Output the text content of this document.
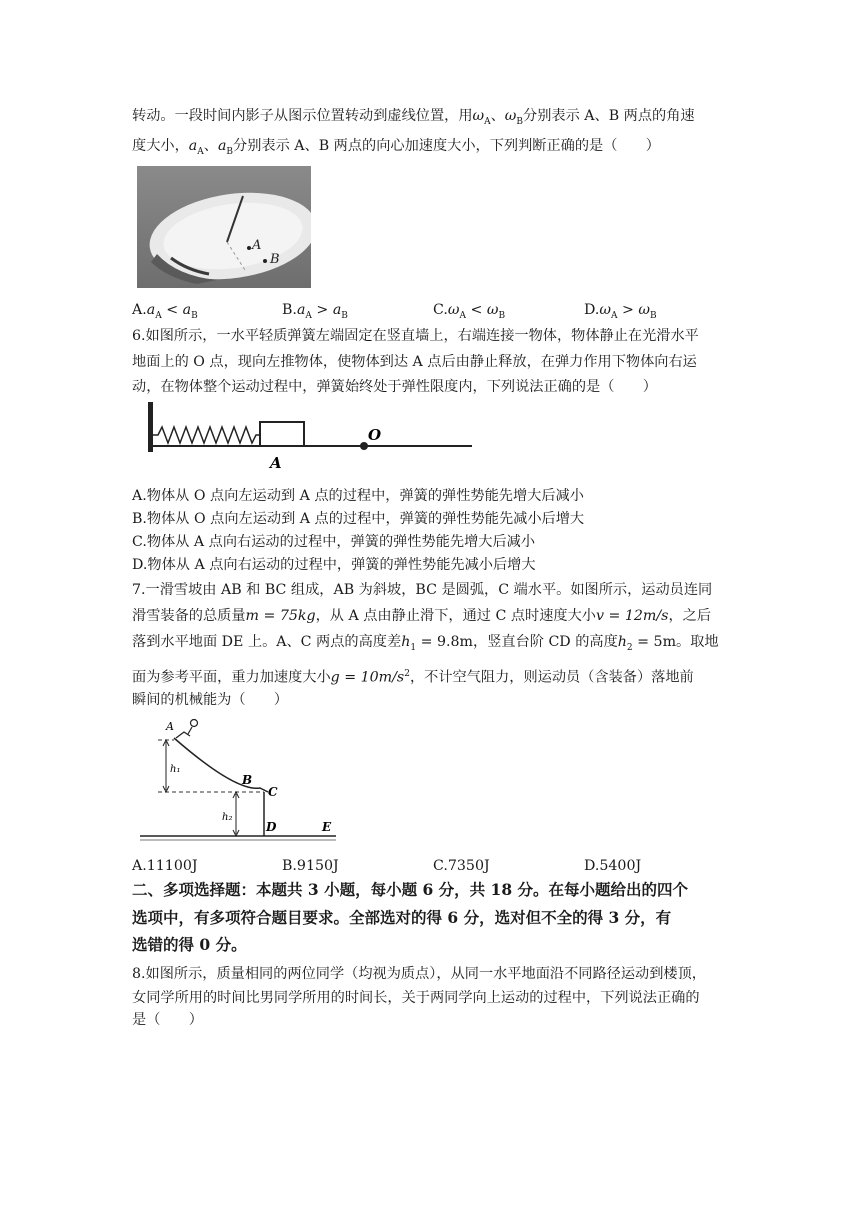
转动。一段时间内影子从图示位置转动到虚线位置，用$\omega_A$、$\omega_B$分别表示 A、B 两点的角速
度大小，$a_A$、$a_B$分别表示 A、B 两点的向心加速度大小，下列判断正确的是（　　）
A
B
$A.a_A < a_B$	$B.a_A > a_B$	$C.\omega_A < \omega_B$	$D.\omega_A > \omega_B$
6.如图所示，一水平轻质弹簧左端固定在竖直墙上，右端连接一物体，物体静止在光滑水平
地面上的 O 点，现向左推物体，使物体到达 A 点后由静止释放，在弹力作用下物体向右运
动，在物体整个运动过程中，弹簧始终处于弹性限度内，下列说法正确的是（　　）
O
A
A.物体从 O 点向左运动到 A 点的过程中，弹簧的弹性势能先增大后减小
B.物体从 O 点向左运动到 A 点的过程中，弹簧的弹性势能先减小后增大
C.物体从 A 点向右运动的过程中，弹簧的弹性势能先增大后减小
D.物体从 A 点向右运动的过程中，弹簧的弹性势能先减小后增大
7.一滑雪坡由 AB 和 BC 组成，AB 为斜坡，BC 是圆弧，C 端水平。如图所示，运动员连同
滑雪装备的总质量m = 75kg，从 A 点由静止滑下，通过 C 点时速度大小v = 12m/s，之后
落到水平地面 DE 上。A、C 两点的高度差$h_1 = 9.8m$，竖直台阶 CD 的高度$h_2 = 5m$。取地
面为参考平面，重力加速度大小$g = 10m/s^2$，不计空气阻力，则运动员（含装备）落地前
瞬间的机械能为（　　）
A
B
C
D	E
h₁
h₂
A.11100J	B.9150J	C.7350J	D.5400J
二、多项选择题：本题共 3 小题，每小题 6 分，共 18 分。在每小题给出的四个
选项中，有多项符合题目要求。全部选对的得 6 分，选对但不全的得 3 分，有
选错的得 0 分。
8.如图所示，质量相同的两位同学（均视为质点），从同一水平地面沿不同路径运动到楼顶，
女同学所用的时间比男同学所用的时间长，关于两同学向上运动的过程中，下列说法正确的
是（　　）
